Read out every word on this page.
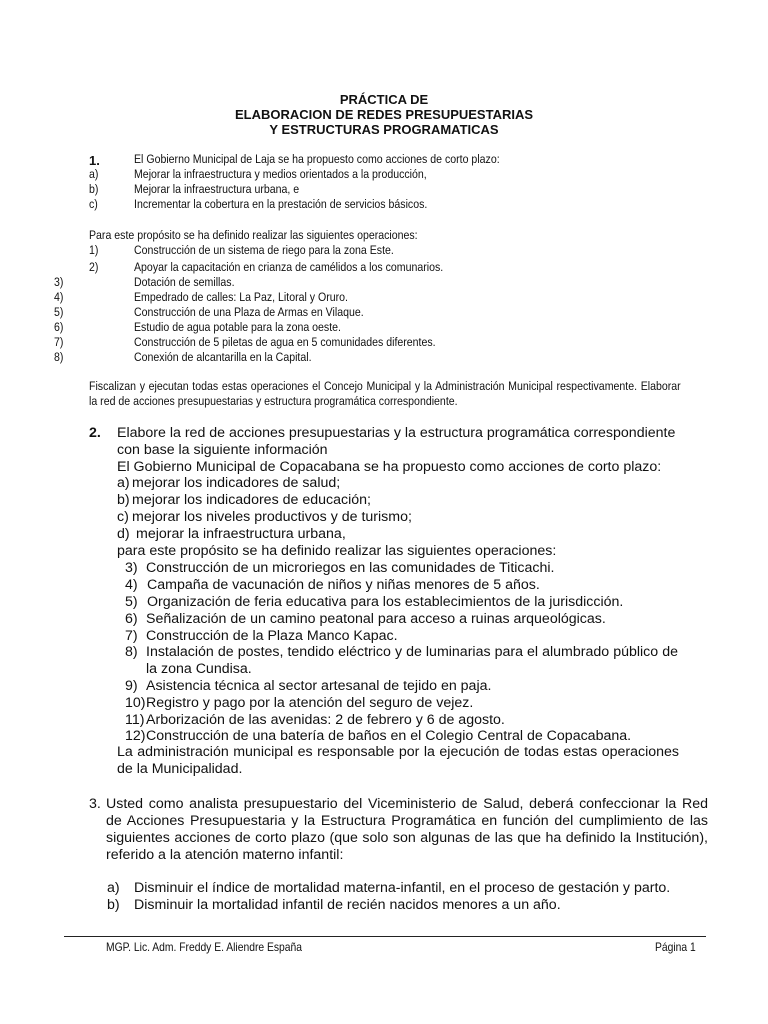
PRÁCTICA DE
ELABORACION DE REDES PRESUPUESTARIAS
Y ESTRUCTURAS PROGRAMATICAS
1.	El Gobierno Municipal de Laja se ha propuesto como acciones de corto plazo:
a)	Mejorar la infraestructura y medios orientados a la producción,
b)	Mejorar la infraestructura urbana, e
c)	Incrementar la cobertura en la prestación de servicios básicos.
Para este propósito se ha definido realizar las siguientes operaciones:
1)	Construcción de un sistema de riego para la zona Este.
2)	Apoyar la capacitación en crianza de camélidos a los comunarios.
3)	Dotación de semillas.
4)	Empedrado de calles: La Paz, Litoral y Oruro.
5)	Construcción de una Plaza de Armas en Vilaque.
6)	Estudio de agua potable para la zona oeste.
7)	Construcción de 5 piletas de agua en 5 comunidades diferentes.
8)	Conexión de alcantarilla en la Capital.
Fiscalizan y ejecutan todas estas operaciones el Concejo Municipal y la Administración Municipal respectivamente. Elaborar la red de acciones presupuestarias y estructura programática correspondiente.
2. Elabore la red de acciones presupuestarias y la estructura programática correspondiente
con base la siguiente información
El Gobierno Municipal de Copacabana se ha propuesto como acciones de corto plazo:
a) mejorar los indicadores de salud;
b) mejorar los indicadores de educación;
c) mejorar los niveles productivos y de turismo;
d) mejorar la infraestructura urbana,
para este propósito se ha definido realizar las siguientes operaciones:
3) Construcción de un microriegos en las comunidades de Titicachi.
4) Campaña de vacunación de niños y niñas menores de 5 años.
5) Organización de feria educativa para los establecimientos de la jurisdicción.
6) Señalización de un camino peatonal para acceso a ruinas arqueológicas.
7) Construcción de la Plaza Manco Kapac.
8) Instalación de postes, tendido eléctrico y de luminarias para el alumbrado público de
la zona Cundisa.
9) Asistencia técnica al sector artesanal de tejido en paja.
10) Registro y pago por la atención del seguro de vejez.
11) Arborización de las avenidas: 2 de febrero y 6 de agosto.
12) Construcción de una batería de baños en el Colegio Central de Copacabana.
La administración municipal es responsable por la ejecución de todas estas operaciones de la Municipalidad.
3. Usted como analista presupuestario del Viceministerio de Salud, deberá confeccionar la Red de Acciones Presupuestaria y la Estructura Programática en función del cumplimiento de las siguientes acciones de corto plazo (que solo son algunas de las que ha definido la Institución), referido a la atención materno infantil:
a) Disminuir el índice de mortalidad materna-infantil, en el proceso de gestación y parto.
b) Disminuir la mortalidad infantil de recién nacidos menores a un año.
MGP. Lic. Adm. Freddy E. Aliendre España	Página 1
